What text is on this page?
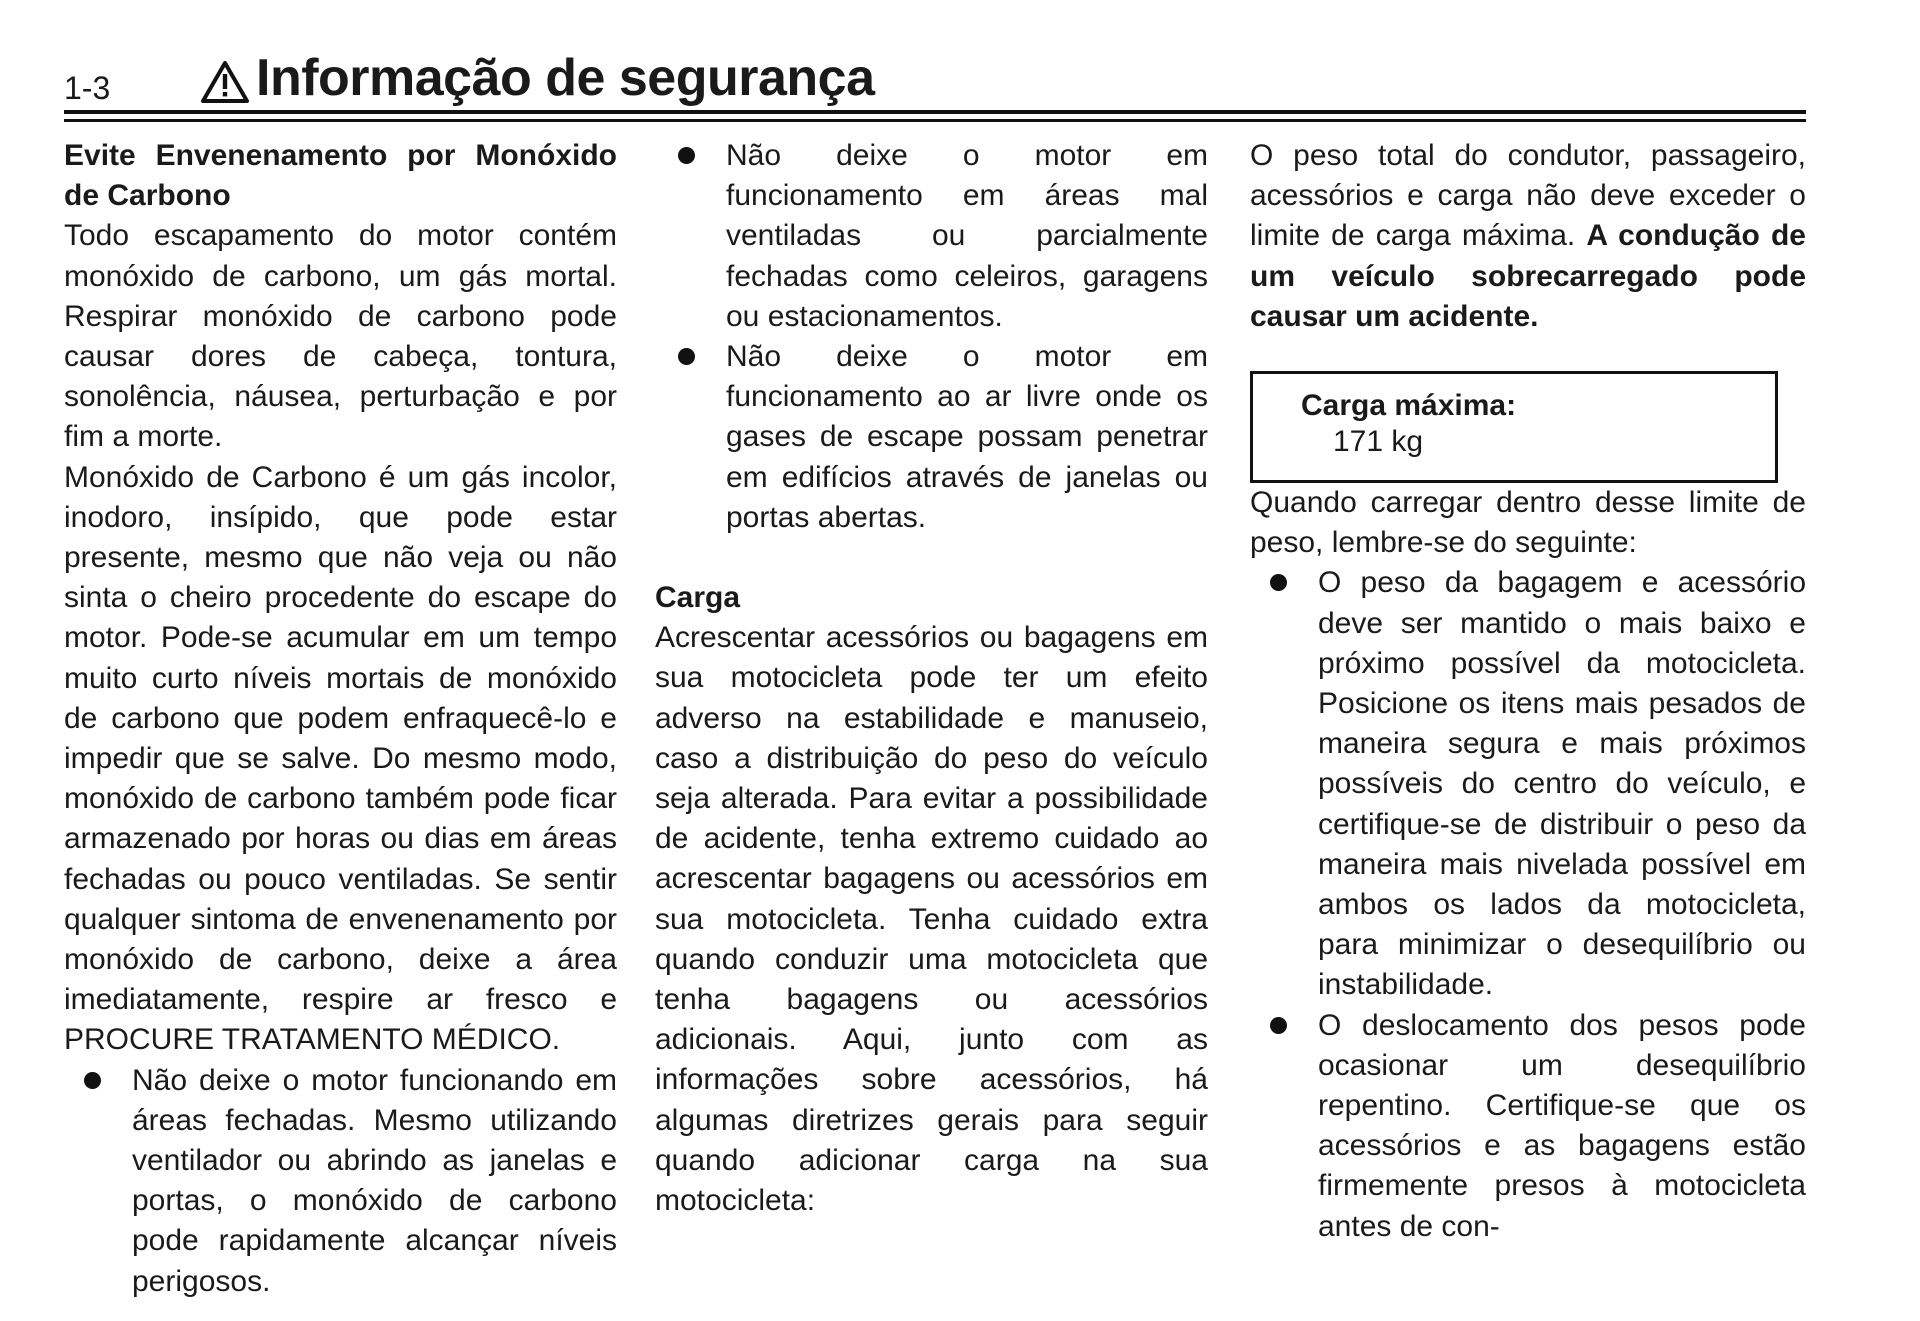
1-3	Informação de segurança

Evite Envenenamento por Monóxido de Carbono

Todo escapamento do motor contém monóxido de carbono, um gás mortal. Respirar monóxido de carbono pode causar dores de cabeça, tontura, sonolência, náusea, perturbação e por fim a morte.

Monóxido de Carbono é um gás incolor, inodoro, insípido, que pode estar presente, mesmo que não veja ou não sinta o cheiro procedente do escape do motor. Pode-se acumular em um tempo muito curto níveis mortais de monóxido de carbono que podem enfraquecê-lo e impedir que se salve. Do mesmo modo, monóxido de carbono também pode ficar armazenado por horas ou dias em áreas fechadas ou pouco ventiladas. Se sentir qualquer sintoma de envenenamento por monóxido de carbono, deixe a área imediatamente, respire ar fresco e PROCURE TRATAMENTO MÉDICO.

Não deixe o motor funcionando em áreas fechadas. Mesmo utilizando ventilador ou abrindo as janelas e portas, o monóxido de carbono pode rapidamente alcançar níveis perigosos.
Não deixe o motor em funcionamento em áreas mal ventiladas ou parcialmente fechadas como celeiros, garagens ou estacionamentos.
Não deixe o motor em funcionamento ao ar livre onde os gases de escape possam penetrar em edifícios através de janelas ou portas abertas.

Carga

Acrescentar acessórios ou bagagens em sua motocicleta pode ter um efeito adverso na estabilidade e manuseio, caso a distribuição do peso do veículo seja alterada. Para evitar a possibilidade de acidente, tenha extremo cuidado ao acrescentar bagagens ou acessórios em sua motocicleta. Tenha cuidado extra quando conduzir uma motocicleta que tenha bagagens ou acessórios adicionais. Aqui, junto com as informações sobre acessórios, há algumas diretrizes gerais para seguir quando adicionar carga na sua motocicleta:

O peso total do condutor, passageiro, acessórios e carga não deve exceder o limite de carga máxima. A condução de um veículo sobrecarregado pode causar um acidente.

Carga máxima:
171 kg

Quando carregar dentro desse limite de peso, lembre-se do seguinte:

O peso da bagagem e acessório deve ser mantido o mais baixo e próximo possível da motocicleta. Posicione os itens mais pesados de maneira segura e mais próximos possíveis do centro do veículo, e certifique-se de distribuir o peso da maneira mais nivelada possível em ambos os lados da motocicleta, para minimizar o desequilíbrio ou instabilidade.
O deslocamento dos pesos pode ocasionar um desequilíbrio repentino. Certifique-se que os acessórios e as bagagens estão firmemente presos à motocicleta antes de con-
